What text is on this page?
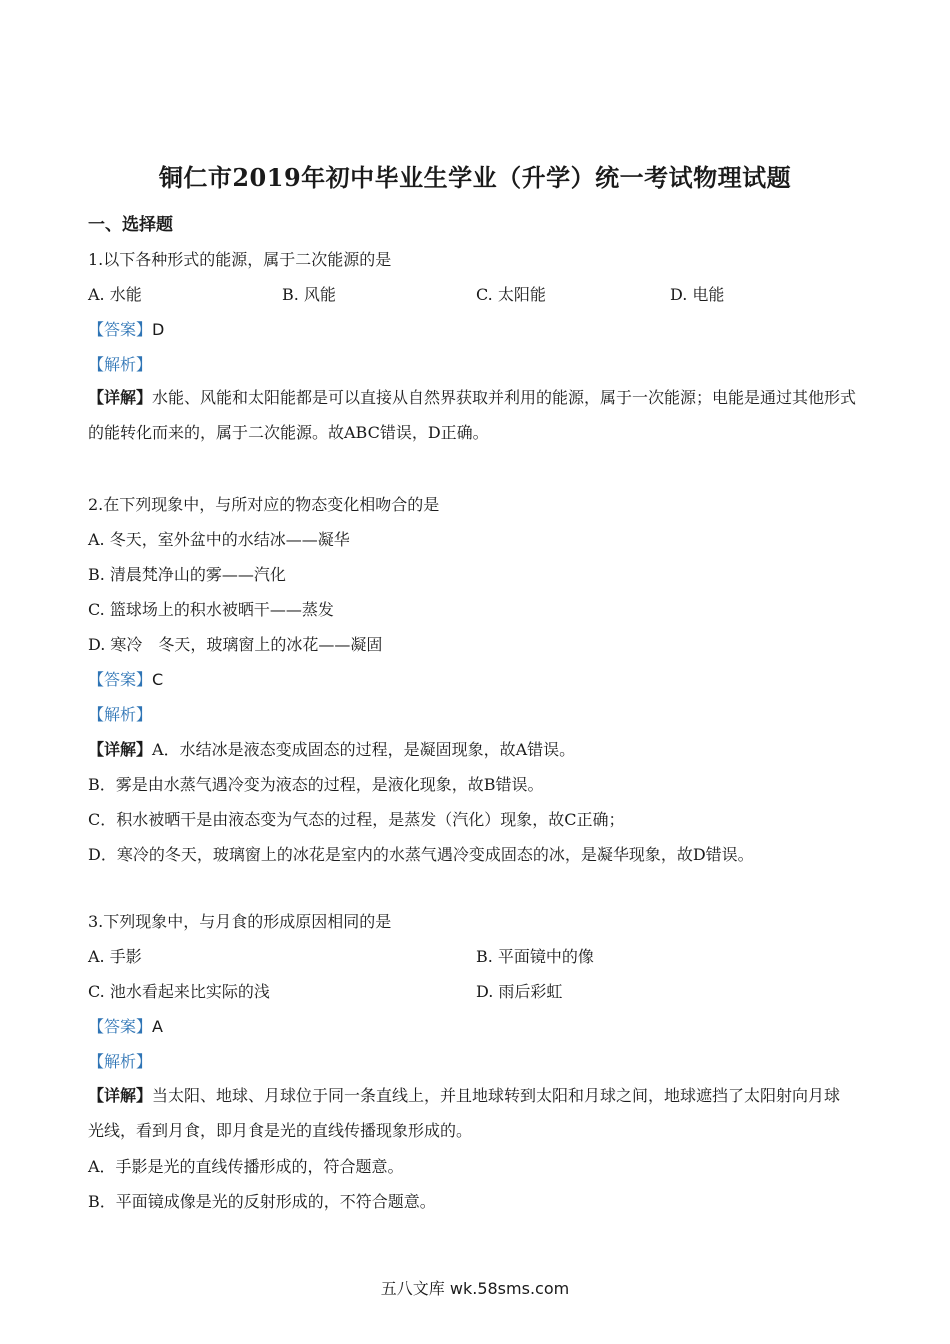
铜仁市2019年初中毕业生学业（升学）统一考试物理试题
一、选择题
1.以下各种形式的能源，属于二次能源的是
A. 水能	B. 风能	C. 太阳能	D. 电能
【答案】D
【解析】
【详解】水能、风能和太阳能都是可以直接从自然界获取并利用的能源，属于一次能源；电能是通过其他形式的能转化而来的，属于二次能源。故ABC错误，D正确。
2.在下列现象中，与所对应的物态变化相吻合的是
A. 冬天，室外盆中的水结冰——凝华
B. 清晨梵净山的雾——汽化
C. 篮球场上的积水被晒干——蒸发
D. 寒冷　冬天，玻璃窗上的冰花——凝固
【答案】C
【解析】
【详解】A．水结冰是液态变成固态的过程，是凝固现象，故A错误。
B．雾是由水蒸气遇冷变为液态的过程，是液化现象，故B错误。
C．积水被晒干是由液态变为气态的过程，是蒸发（汽化）现象，故C正确；
D．寒冷的冬天，玻璃窗上的冰花是室内的水蒸气遇冷变成固态的冰，是凝华现象，故D错误。
3.下列现象中，与月食的形成原因相同的是
A. 手影	B. 平面镜中的像
C. 池水看起来比实际的浅	D. 雨后彩虹
【答案】A
【解析】
【详解】当太阳、地球、月球位于同一条直线上，并且地球转到太阳和月球之间，地球遮挡了太阳射向月球　光线，看到月食，即月食是光的直线传播现象形成的。
A．手影是光的直线传播形成的，符合题意。
B．平面镜成像是光的反射形成的，不符合题意。
五八文库 wk.58sms.com
